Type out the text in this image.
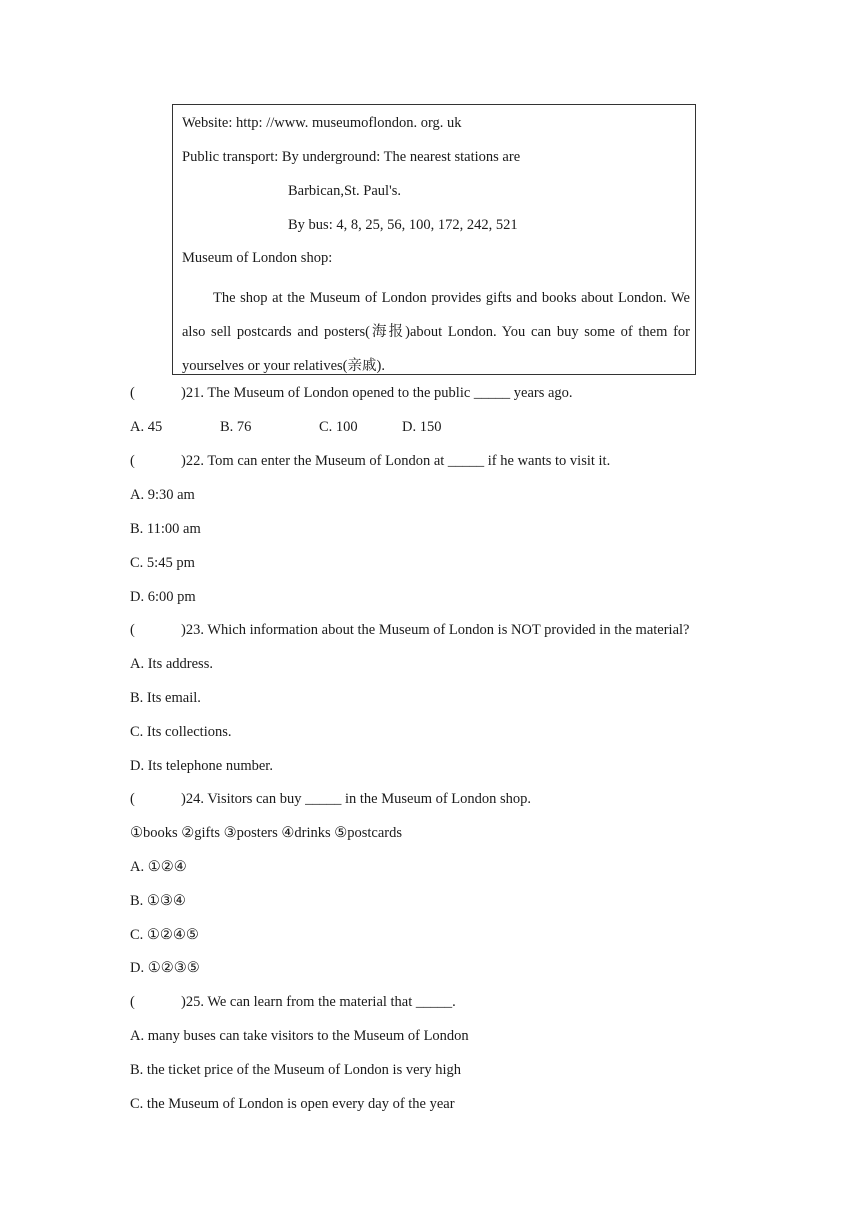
Website: http: //www. museumoflondon. org. uk
Public transport: By underground: The nearest stations are
Barbican,St. Paul's.
By bus: 4, 8, 25, 56, 100, 172, 242, 521
Museum of London shop:
The shop at the Museum of London provides gifts and books about London. We also sell postcards and posters(海报)about London. You can buy some of them for yourselves or your relatives(亲戚).
(	)21. The Museum of London opened to the public _____ years ago.
A. 45	B. 76	C. 100	D. 150
(	)22. Tom can enter the Museum of London at _____ if he wants to visit it.
A. 9:30 am
B. 11:00 am
C. 5:45 pm
D. 6:00 pm
(	)23. Which information about the Museum of London is NOT provided in the material?
A. Its address.
B. Its email.
C. Its collections.
D. Its telephone number.
(	)24. Visitors can buy _____ in the Museum of London shop.
①books ②gifts ③posters ④drinks ⑤postcards
A. ①②④
B. ①③④
C. ①②④⑤
D. ①②③⑤
(	)25. We can learn from the material that _____.
A. many buses can take visitors to the Museum of London
B. the ticket price of the Museum of London is very high
C. the Museum of London is open every day of the year
